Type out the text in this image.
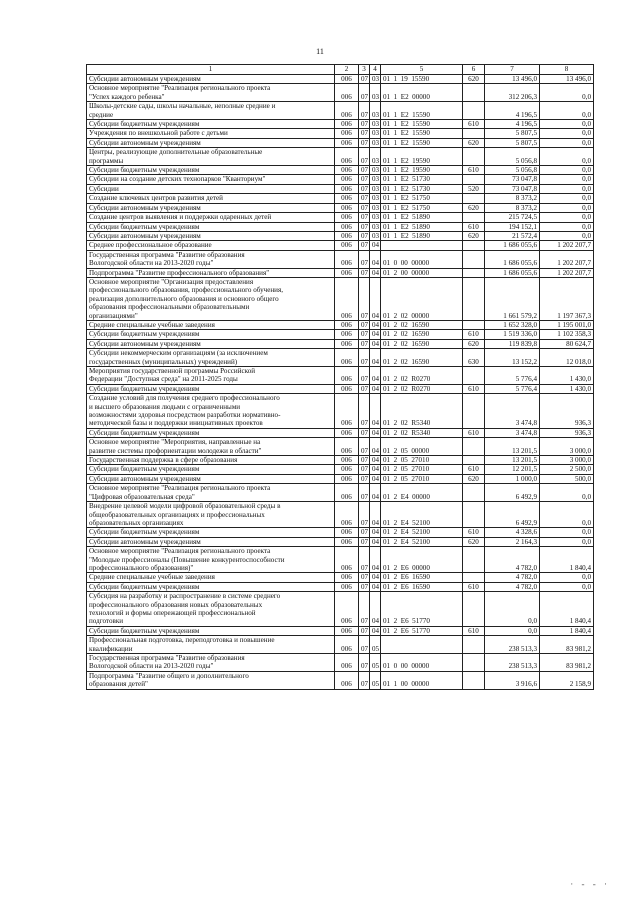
11
1	2	3	4	5	6	7	8
Субсидии автономным учреждениям	006	07	03	01  1  19  15590	620	13 496,0	13 496,0
Основное мероприятие "Реализация регионального проекта
"Успех каждого ребенка"	006	07	03	01  1  E2  00000		312 206,3	0,0
Школы-детские сады, школы начальные, неполные средние и
средние	006	07	03	01  1  E2  15590		4 196,5	0,0
Субсидии бюджетным учреждениям	006	07	03	01  1  E2  15590	610	4 196,5	0,0
Учреждения по внешкольной работе с детьми	006	07	03	01  1  E2  15590		5 807,5	0,0
Субсидии автономным учреждениям	006	07	03	01  1  E2  15590	620	5 807,5	0,0
Центры, реализующие дополнительные образовательные
программы	006	07	03	01  1  E2  19590		5 056,8	0,0
Субсидии бюджетным учреждениям	006	07	03	01  1  E2  19590	610	5 056,8	0,0
Субсидии на создание детских технопарков "Кванториум"	006	07	03	01  1  E2  51730		73 047,8	0,0
Субсидии	006	07	03	01  1  E2  51730	520	73 047,8	0,0
Создание ключевых центров развития детей	006	07	03	01  1  E2  51750		8 373,2	0,0
Субсидии автономным учреждениям	006	07	03	01  1  E2  51750	620	8 373,2	0,0
Создание центров выявления и поддержки одаренных детей	006	07	03	01  1  E2  51890		215 724,5	0,0
Субсидии бюджетным учреждениям	006	07	03	01  1  E2  51890	610	194 152,1	0,0
Субсидии автономным учреждениям	006	07	03	01  1  E2  51890	620	21 572,4	0,0
Среднее профессиональное образование	006	07	04			1 686 055,6	1 202 207,7
Государственная программа "Развитие образования
Вологодской области на 2013-2020 годы"	006	07	04	01  0  00  00000		1 686 055,6	1 202 207,7
Подпрограмма "Развитие профессионального образования"	006	07	04	01  2  00  00000		1 686 055,6	1 202 207,7
Основное мероприятие "Организация предоставления
профессионального образования, профессионального обучения,
реализация дополнительного образования и основного общего
образования профессиональными образовательными
организациями"	006	07	04	01  2  02  00000		1 661 579,2	1 197 367,3
Средние специальные учебные заведения	006	07	04	01  2  02  16590		1 652 328,0	1 195 001,0
Субсидии бюджетным учреждениям	006	07	04	01  2  02  16590	610	1 519 336,0	1 102 358,3
Субсидии автономным учреждениям	006	07	04	01  2  02  16590	620	119 839,8	80 624,7
Субсидии некоммерческим организациям (за исключением
государственных (муниципальных) учреждений)	006	07	04	01  2  02  16590	630	13 152,2	12 018,0
Мероприятия государственной программы Российской
Федерации "Доступная среда" на 2011-2025 годы	006	07	04	01  2  02  R0270		5 776,4	1 430,0
Субсидии бюджетным учреждениям	006	07	04	01  2  02  R0270	610	5 776,4	1 430,0
Создание условий для получения среднего профессионального
и высшего образования людьми с ограниченными
возможностями здоровья посредством разработки нормативно-
методической базы и поддержки инициативных проектов	006	07	04	01  2  02  R5340		3 474,8	936,3
Субсидии бюджетным учреждениям	006	07	04	01  2  02  R5340	610	3 474,8	936,3
Основное мероприятие "Мероприятия, направленные на
развитие системы профориентации молодежи в области"	006	07	04	01  2  05  00000		13 201,5	3 000,0
Государственная поддержка в сфере образования	006	07	04	01  2  05  27010		13 201,5	3 000,0
Субсидии бюджетным учреждениям	006	07	04	01  2  05  27010	610	12 201,5	2 500,0
Субсидии автономным учреждениям	006	07	04	01  2  05  27010	620	1 000,0	500,0
Основное мероприятие "Реализация регионального проекта
"Цифровая образовательная среда"	006	07	04	01  2  E4  00000		6 492,9	0,0
Внедрение целевой модели цифровой образовательной среды в
общеобразовательных организациях и профессиональных
образовательных организациях	006	07	04	01  2  E4  52100		6 492,9	0,0
Субсидии бюджетным учреждениям	006	07	04	01  2  E4  52100	610	4 328,6	0,0
Субсидии автономным учреждениям	006	07	04	01  2  E4  52100	620	2 164,3	0,0
Основное мероприятие "Реализация регионального проекта
"Молодые профессионалы (Повышение конкурентоспособности
профессионального образования)"	006	07	04	01  2  E6  00000		4 782,0	1 840,4
Средние специальные учебные заведения	006	07	04	01  2  E6  16590		4 782,0	0,0
Субсидии бюджетным учреждениям	006	07	04	01  2  E6  16590	610	4 782,0	0,0
Субсидия на разработку и распространение в системе среднего
профессионального образования новых образовательных
технологий и формы опережающей профессиональной
подготовки	006	07	04	01  2  E6  51770		0,0	1 840,4
Субсидии бюджетным учреждениям	006	07	04	01  2  E6  51770	610	0,0	1 840,4
Профессиональная подготовка, переподготовка и повышение
квалификации	006	07	05			238 513,3	83 981,2
Государственная программа "Развитие образования
Вологодской области на 2013-2020 годы"	006	07	05	01  0  00  00000		238 513,3	83 981,2
Подпрограмма "Развитие общего и дополнительного
образования детей"	006	07	05	01  1  00  00000		3 916,6	2 158,9
· - - ·
